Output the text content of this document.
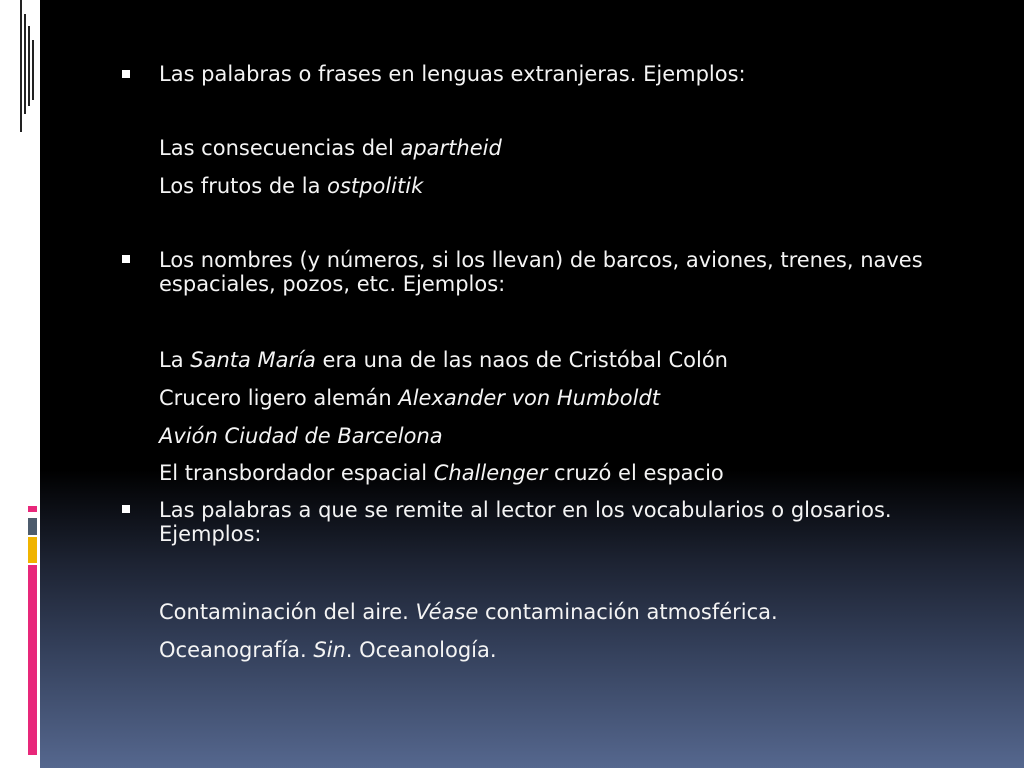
Las palabras o frases en lenguas extranjeras. Ejemplos:
Las consecuencias del apartheid
Los frutos de la ostpolitik
Los nombres (y números, si los llevan) de barcos, aviones, trenes, naves espaciales, pozos, etc. Ejemplos:
La Santa María era una de las naos de Cristóbal Colón
Crucero ligero alemán Alexander von Humboldt
Avión Ciudad de Barcelona
El transbordador espacial Challenger cruzó el espacio
Las palabras a que se remite al lector en los vocabularios o glosarios. Ejemplos:
Contaminación del aire. Véase contaminación atmosférica.
Oceanografía. Sin. Oceanología.
